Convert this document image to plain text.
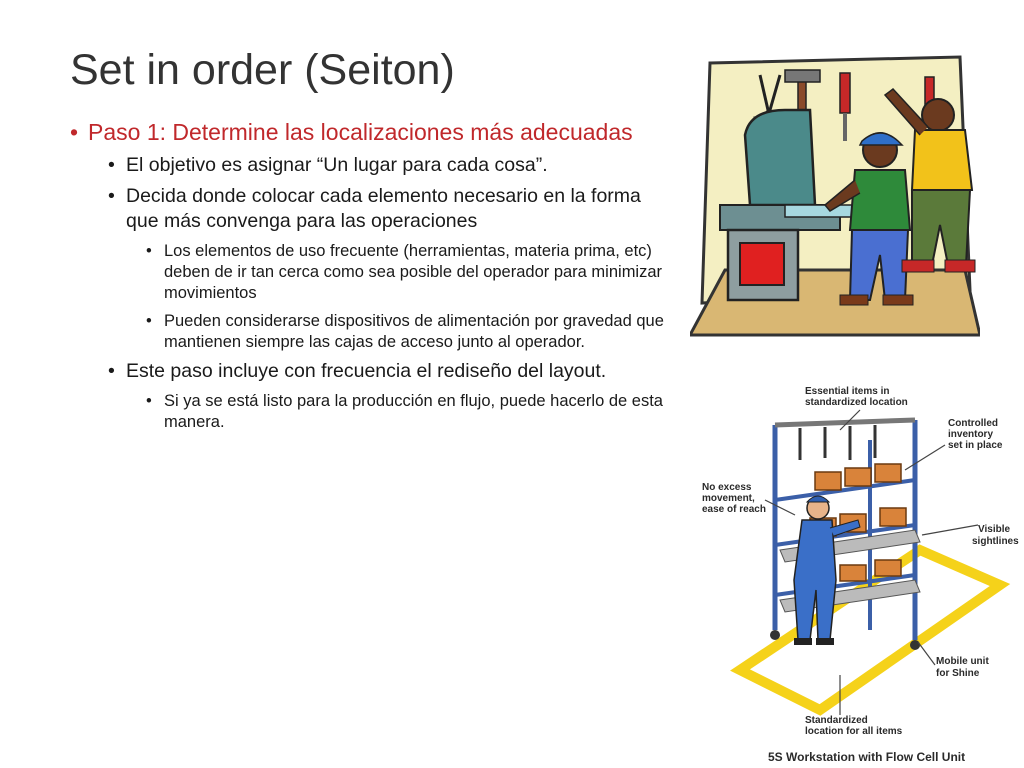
Set in order (Seiton)
• Paso 1: Determine las localizaciones más adecuadas
• El objetivo es asignar “Un lugar para cada cosa”.
• Decida donde colocar cada elemento necesario en la forma que más convenga para las operaciones
• Los elementos de uso frecuente (herramientas, materia prima, etc) deben de ir tan cerca como sea posible del operador para minimizar movimientos
• Pueden considerarse dispositivos de alimentación por gravedad que mantienen siempre las cajas de acceso junto al operador.
• Este paso incluye con frecuencia el rediseño del layout.
• Si ya se está listo para la producción en flujo, puede hacerlo de esta manera.
Essential items in
standardized location
Controlled
inventory
set in place
No excess
movement,
ease of reach
Visible
sightlines
Mobile unit
for Shine
Standardized
location for all items
5S Workstation with Flow Cell Unit
